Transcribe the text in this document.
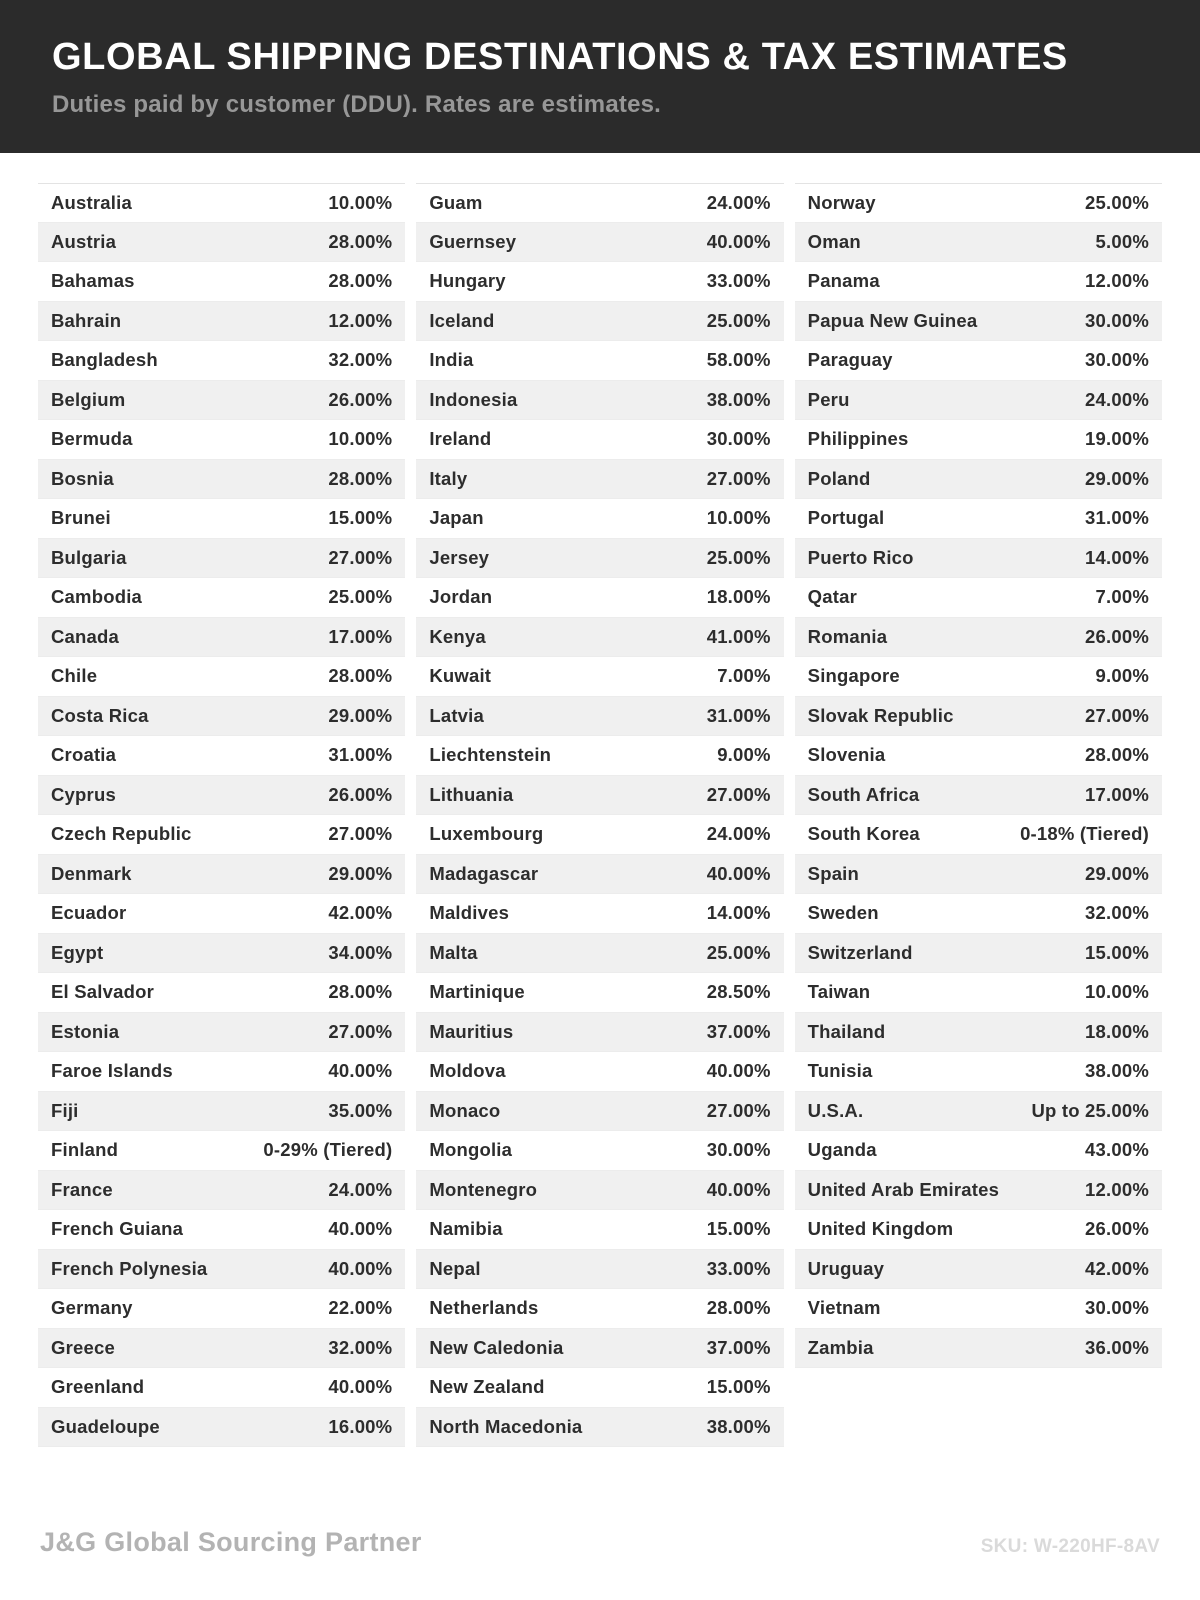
GLOBAL SHIPPING DESTINATIONS & TAX ESTIMATES

Duties paid by customer (DDU). Rates are estimates.

Australia	10.00%
Austria	28.00%
Bahamas	28.00%
Bahrain	12.00%
Bangladesh	32.00%
Belgium	26.00%
Bermuda	10.00%
Bosnia	28.00%
Brunei	15.00%
Bulgaria	27.00%
Cambodia	25.00%
Canada	17.00%
Chile	28.00%
Costa Rica	29.00%
Croatia	31.00%
Cyprus	26.00%
Czech Republic	27.00%
Denmark	29.00%
Ecuador	42.00%
Egypt	34.00%
El Salvador	28.00%
Estonia	27.00%
Faroe Islands	40.00%
Fiji	35.00%
Finland	0-29% (Tiered)
France	24.00%
French Guiana	40.00%
French Polynesia	40.00%
Germany	22.00%
Greece	32.00%
Greenland	40.00%
Guadeloupe	16.00%
Guam	24.00%
Guernsey	40.00%
Hungary	33.00%
Iceland	25.00%
India	58.00%
Indonesia	38.00%
Ireland	30.00%
Italy	27.00%
Japan	10.00%
Jersey	25.00%
Jordan	18.00%
Kenya	41.00%
Kuwait	7.00%
Latvia	31.00%
Liechtenstein	9.00%
Lithuania	27.00%
Luxembourg	24.00%
Madagascar	40.00%
Maldives	14.00%
Malta	25.00%
Martinique	28.50%
Mauritius	37.00%
Moldova	40.00%
Monaco	27.00%
Mongolia	30.00%
Montenegro	40.00%
Namibia	15.00%
Nepal	33.00%
Netherlands	28.00%
New Caledonia	37.00%
New Zealand	15.00%
North Macedonia	38.00%
Norway	25.00%
Oman	5.00%
Panama	12.00%
Papua New Guinea	30.00%
Paraguay	30.00%
Peru	24.00%
Philippines	19.00%
Poland	29.00%
Portugal	31.00%
Puerto Rico	14.00%
Qatar	7.00%
Romania	26.00%
Singapore	9.00%
Slovak Republic	27.00%
Slovenia	28.00%
South Africa	17.00%
South Korea	0-18% (Tiered)
Spain	29.00%
Sweden	32.00%
Switzerland	15.00%
Taiwan	10.00%
Thailand	18.00%
Tunisia	38.00%
U.S.A.	Up to 25.00%
Uganda	43.00%
United Arab Emirates	12.00%
United Kingdom	26.00%
Uruguay	42.00%
Vietnam	30.00%
Zambia	36.00%
J&G Global Sourcing Partner	SKU: W-220HF-8AV
